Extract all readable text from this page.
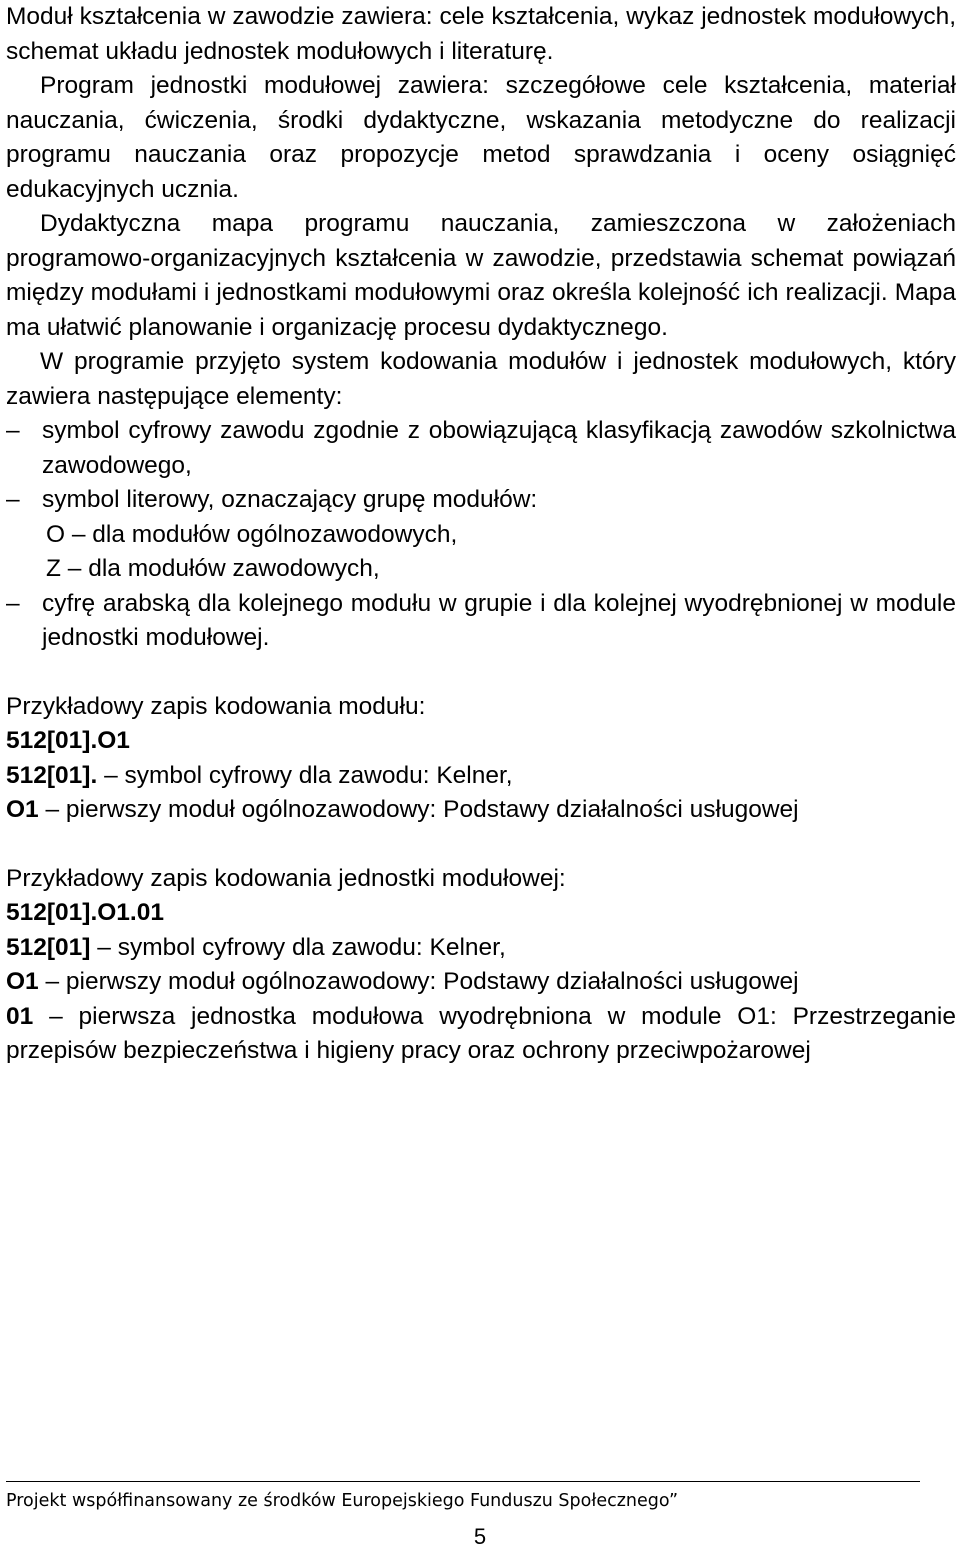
Moduł kształcenia w zawodzie zawiera: cele kształcenia, wykaz jednostek modułowych, schemat układu jednostek modułowych i literaturę.

Program jednostki modułowej zawiera: szczegółowe cele kształcenia, materiał nauczania, ćwiczenia, środki dydaktyczne, wskazania metodyczne do realizacji programu nauczania oraz propozycje metod sprawdzania i oceny osiągnięć edukacyjnych ucznia.

Dydaktyczna mapa programu nauczania, zamieszczona w założeniach programowo-organizacyjnych kształcenia w zawodzie, przedstawia schemat powiązań między modułami i jednostkami modułowymi oraz określa kolejność ich realizacji. Mapa ma ułatwić planowanie i organizację procesu dydaktycznego.

W programie przyjęto system kodowania modułów i jednostek modułowych, który zawiera następujące elementy:

– symbol cyfrowy zawodu zgodnie z obowiązującą klasyfikacją zawodów szkolnictwa zawodowego,
– symbol literowy, oznaczający grupę modułów:
O – dla modułów ogólnozawodowych,
Z – dla modułów zawodowych,
– cyfrę arabską dla kolejnego modułu w grupie i dla kolejnej wyodrębnionej w module jednostki modułowej.
Przykładowy zapis kodowania modułu:
512[01].O1
512[01]. – symbol cyfrowy dla zawodu: Kelner,
O1 – pierwszy moduł ogólnozawodowy: Podstawy działalności usługowej
Przykładowy zapis kodowania jednostki modułowej:
512[01].O1.01
512[01] – symbol cyfrowy dla zawodu: Kelner,
O1 – pierwszy moduł ogólnozawodowy: Podstawy działalności usługowej
01 – pierwsza jednostka modułowa wyodrębniona w module O1: Przestrzeganie przepisów bezpieczeństwa i higieny pracy oraz ochrony przeciwpożarowej
Projekt współfinansowany ze środków Europejskiego Funduszu Społecznego”
5
